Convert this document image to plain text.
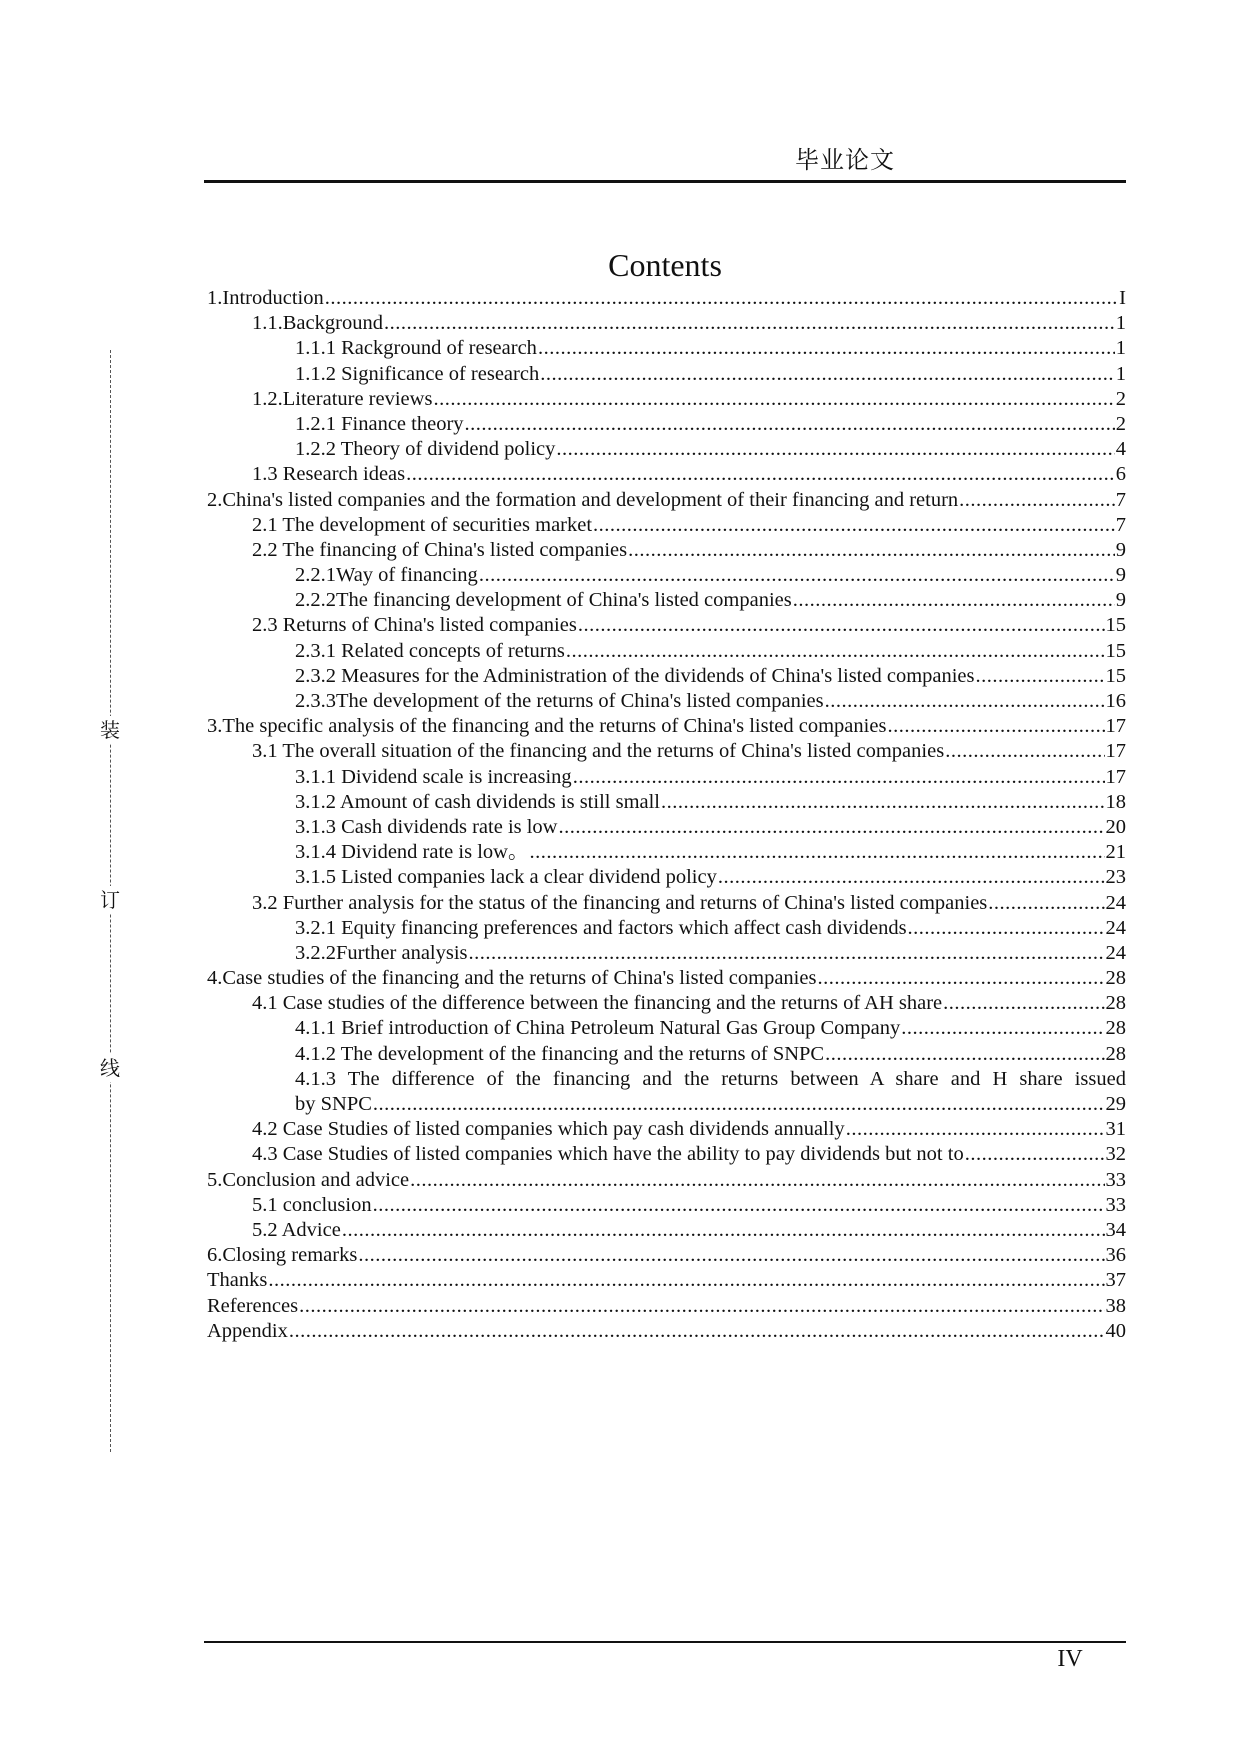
毕业论文
装
订
线
Contents
1.Introduction .....	I
1.1.Background .....	1
1.1.1 Rackground of research .....	1
1.1.2 Significance of research .....	1
1.2.Literature reviews .....	2
1.2.1 Finance theory .....	2
1.2.2 Theory of dividend policy .....	4
1.3 Research ideas .....	6
2.China's listed companies and the formation and development of their financing and return .....	7
2.1 The development of securities market .....	7
2.2 The financing of China's listed companies .....	9
2.2.1Way of financing .....	9
2.2.2The financing development of China's listed companies .....	9
2.3 Returns of China's listed companies .....	15
2.3.1 Related concepts of returns .....	15
2.3.2 Measures for the Administration of the dividends of China's listed companies .....	15
2.3.3The development of the returns of China's listed companies .....	16
3.The specific analysis of the financing and the returns of China's listed companies .....	17
3.1 The overall situation of the financing and the returns of China's listed companies .....	17
3.1.1 Dividend scale is increasing .....	17
3.1.2 Amount of cash dividends is still small .....	18
3.1.3 Cash dividends rate is low .....	20
3.1.4 Dividend rate is low。 .....	21
3.1.5 Listed companies lack a clear dividend policy .....	23
3.2 Further analysis for the status of the financing and returns of China's listed companies .....	24
3.2.1 Equity financing preferences and factors which affect cash dividends .....	24
3.2.2Further analysis .....	24
4.Case studies of the financing and the returns of China's listed companies .....	28
4.1 Case studies of the difference between the financing and the returns of AH share .....	28
4.1.1 Brief introduction of China Petroleum Natural Gas Group Company .....	28
4.1.2 The development of the financing and the returns of SNPC .....	28
4.1.3 The difference of the financing and the returns between A share and H share issued
by SNPC .....	29
4.2 Case Studies of listed companies which pay cash dividends annually .....	31
4.3 Case Studies of listed companies which have the ability to pay dividends but not to .....	32
5.Conclusion and advice .....	33
5.1 conclusion .....	33
5.2 Advice .....	34
6.Closing remarks .....	36
Thanks .....	37
References .....	38
Appendix .....	40
IV
